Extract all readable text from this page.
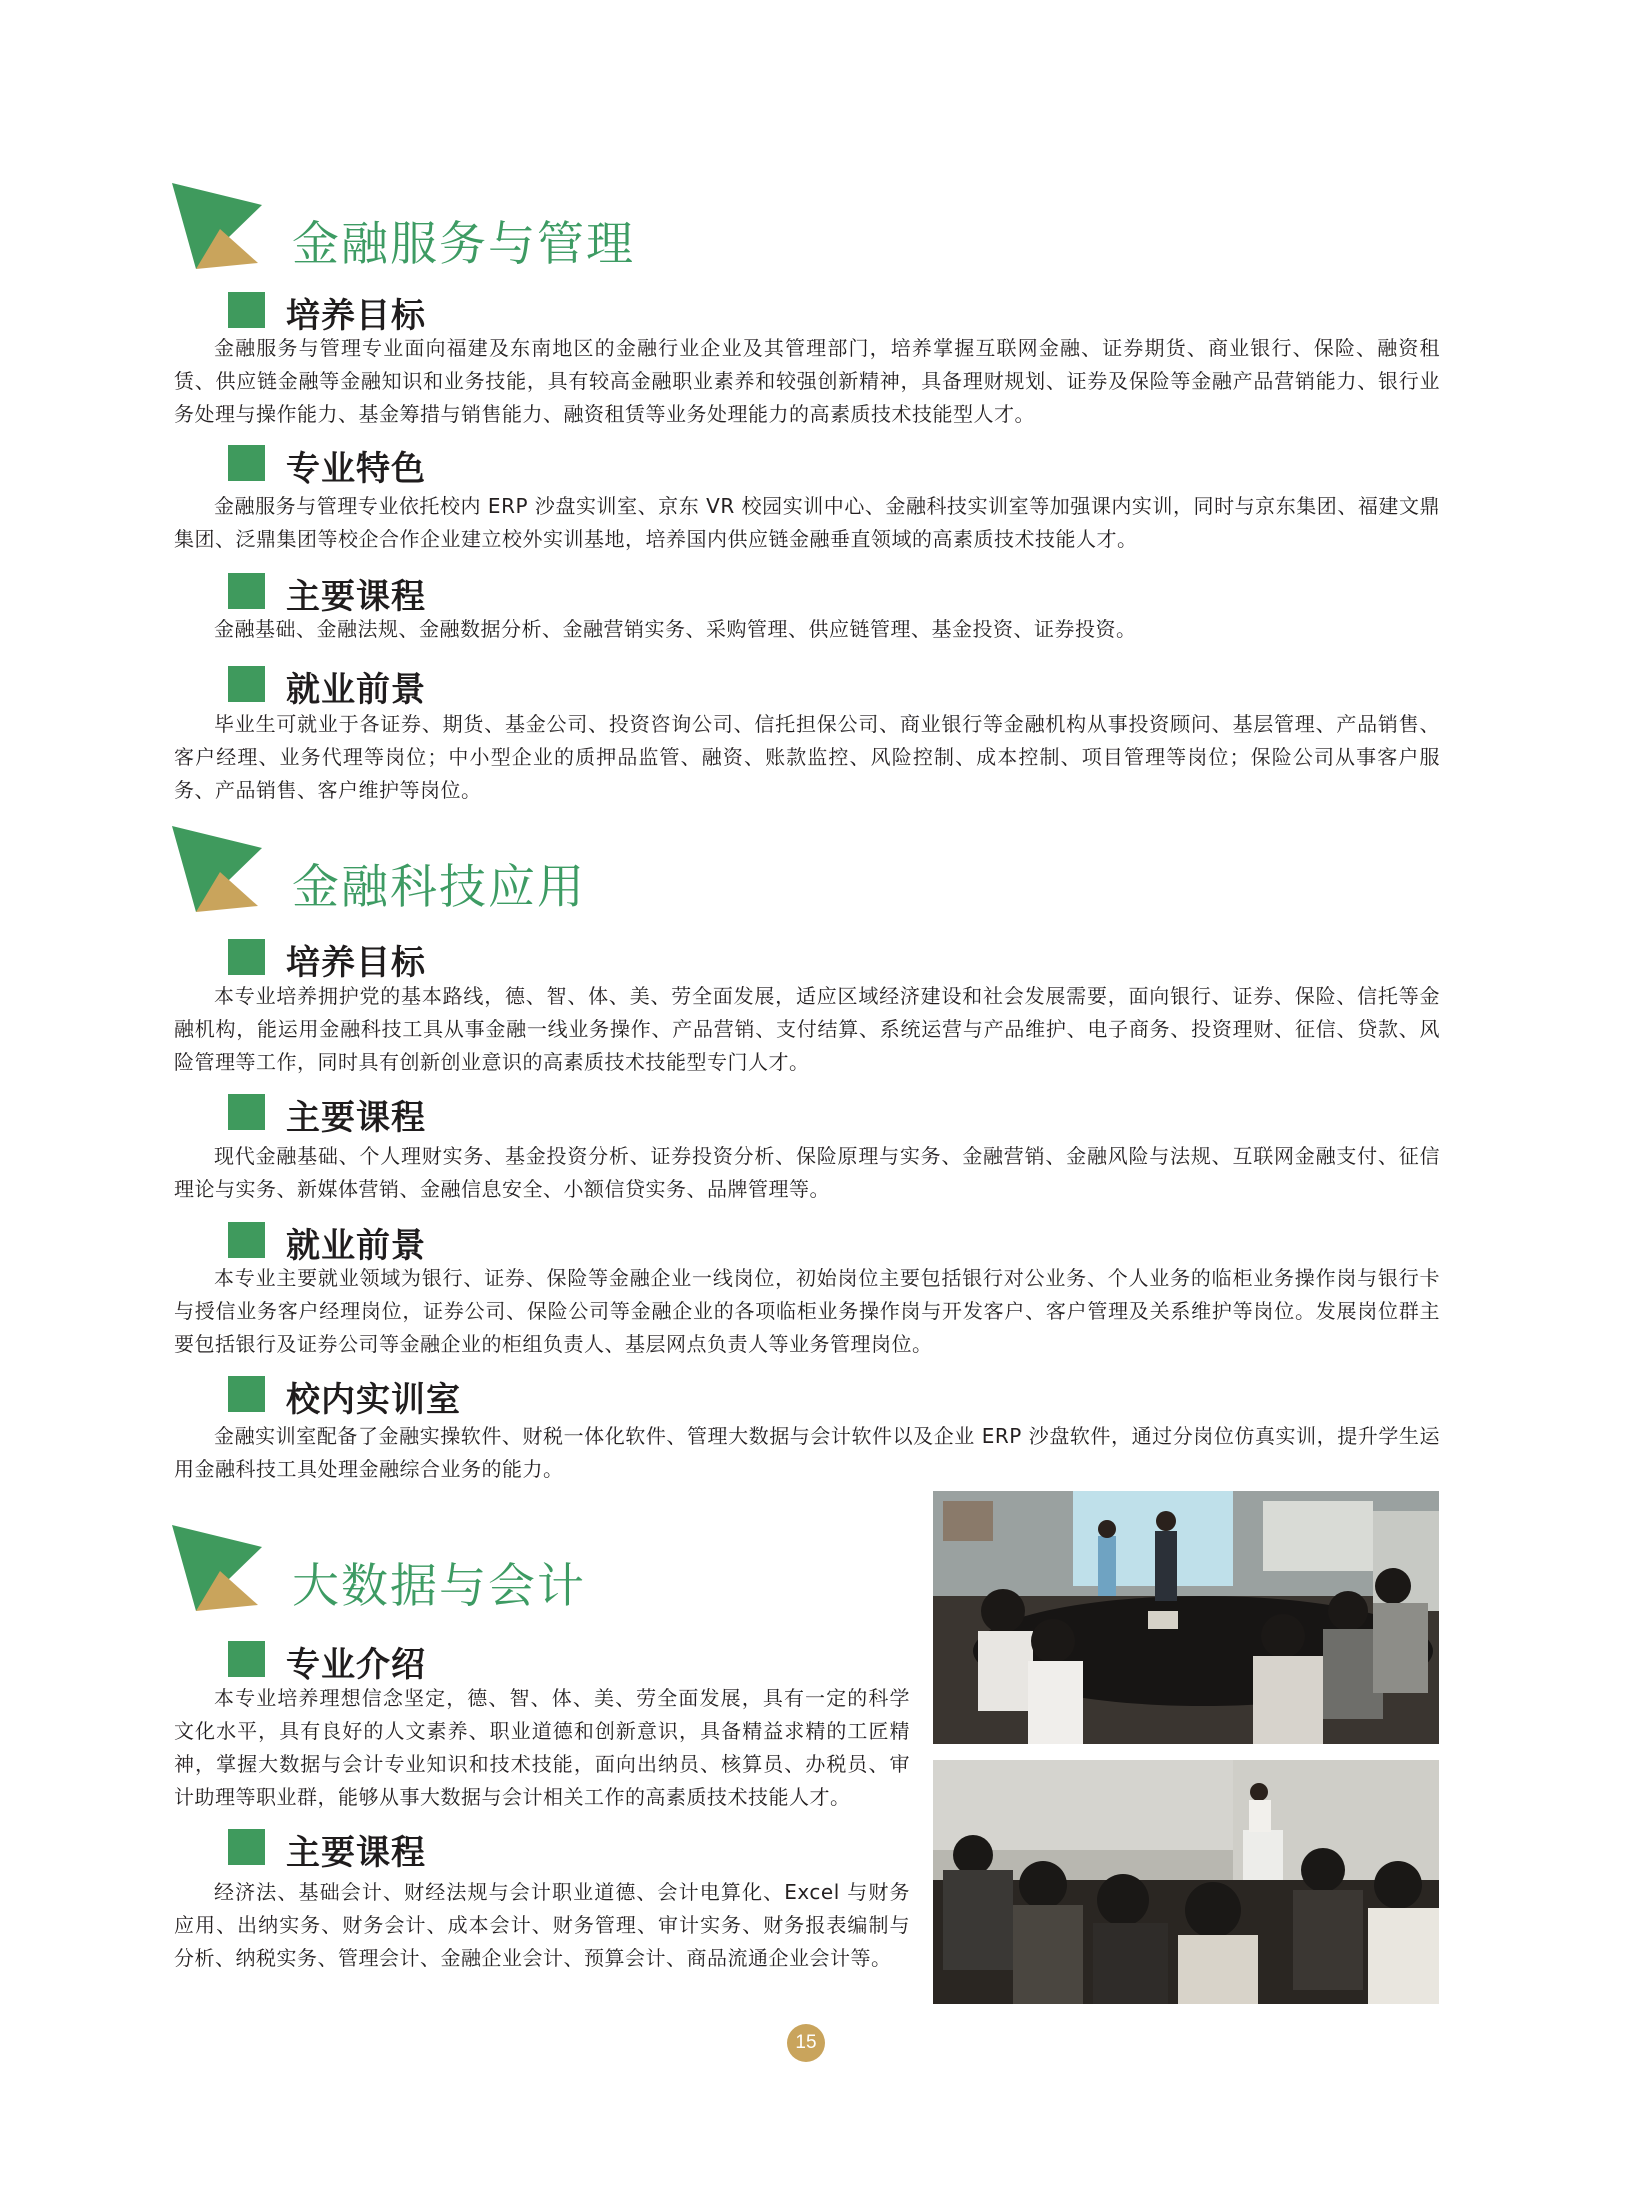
金融服务与管理
培养目标

金融服务与管理专业面向福建及东南地区的金融行业企业及其管理部门，培养掌握互联网金融、证券期货、商业银行、保险、融资租赁、供应链金融等金融知识和业务技能，具有较高金融职业素养和较强创新精神，具备理财规划、证券及保险等金融产品营销能力、银行业务处理与操作能力、基金筹措与销售能力、融资租赁等业务处理能力的高素质技术技能型人才。

专业特色

金融服务与管理专业依托校内 ERP 沙盘实训室、京东 VR 校园实训中心、金融科技实训室等加强课内实训，同时与京东集团、福建文鼎集团、泛鼎集团等校企合作企业建立校外实训基地，培养国内供应链金融垂直领域的高素质技术技能人才。

主要课程

金融基础、金融法规、金融数据分析、金融营销实务、采购管理、供应链管理、基金投资、证券投资。

就业前景

毕业生可就业于各证券、期货、基金公司、投资咨询公司、信托担保公司、商业银行等金融机构从事投资顾问、基层管理、产品销售、客户经理、业务代理等岗位；中小型企业的质押品监管、融资、账款监控、风险控制、成本控制、项目管理等岗位；保险公司从事客户服务、产品销售、客户维护等岗位。

金融科技应用
培养目标

本专业培养拥护党的基本路线，德、智、体、美、劳全面发展，适应区域经济建设和社会发展需要，面向银行、证券、保险、信托等金融机构，能运用金融科技工具从事金融一线业务操作、产品营销、支付结算、系统运营与产品维护、电子商务、投资理财、征信、贷款、风险管理等工作，同时具有创新创业意识的高素质技术技能型专门人才。

主要课程

现代金融基础、个人理财实务、基金投资分析、证券投资分析、保险原理与实务、金融营销、金融风险与法规、互联网金融支付、征信理论与实务、新媒体营销、金融信息安全、小额信贷实务、品牌管理等。

就业前景

本专业主要就业领域为银行、证券、保险等金融企业一线岗位，初始岗位主要包括银行对公业务、个人业务的临柜业务操作岗与银行卡与授信业务客户经理岗位，证券公司、保险公司等金融企业的各项临柜业务操作岗与开发客户、客户管理及关系维护等岗位。发展岗位群主要包括银行及证券公司等金融企业的柜组负责人、基层网点负责人等业务管理岗位。

校内实训室

金融实训室配备了金融实操软件、财税一体化软件、管理大数据与会计软件以及企业 ERP 沙盘软件，通过分岗位仿真实训，提升学生运用金融科技工具处理金融综合业务的能力。

大数据与会计
专业介绍

本专业培养理想信念坚定，德、智、体、美、劳全面发展，具有一定的科学文化水平，具有良好的人文素养、职业道德和创新意识，具备精益求精的工匠精神，掌握大数据与会计专业知识和技术技能，面向出纳员、核算员、办税员、审计助理等职业群，能够从事大数据与会计相关工作的高素质技术技能人才。

主要课程

经济法、基础会计、财经法规与会计职业道德、会计电算化、Excel 与财务应用、出纳实务、财务会计、成本会计、财务管理、审计实务、财务报表编制与分析、纳税实务、管理会计、金融企业会计、预算会计、商品流通企业会计等。

15
